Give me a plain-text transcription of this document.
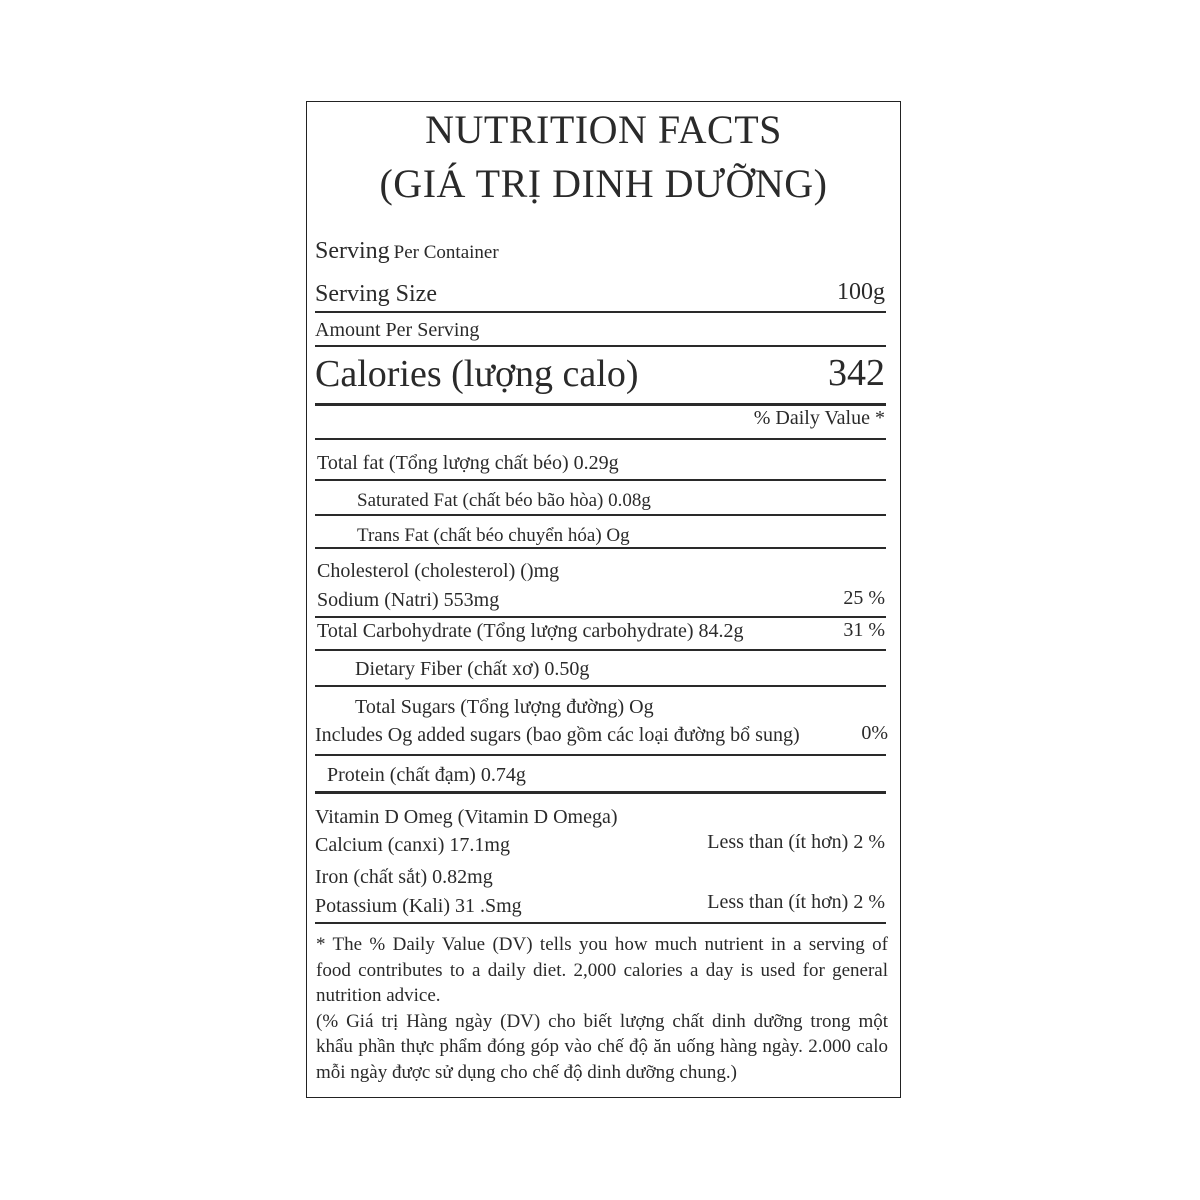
NUTRITION FACTS
(GIÁ TRỊ DINH DƯỠNG)
Serving Per Container
Serving Size	100g
Amount Per Serving
Calories (lượng calo)	342
% Daily Value *
Total fat (Tổng lượng chất béo) 0.29g
Saturated Fat (chất béo bão hòa) 0.08g
Trans Fat (chất béo chuyển hóa) Og
Cholesterol (cholesterol) ()mg
Sodium (Natri) 553mg	25 %
Total Carbohydrate (Tổng lượng carbohydrate) 84.2g	31 %
Dietary Fiber (chất xơ) 0.50g
Total Sugars (Tổng lượng đường) Og
Includes Og added sugars (bao gồm các loại đường bổ sung)	0%
Protein (chất đạm) 0.74g
Vitamin D Omeg (Vitamin D Omega)
Calcium (canxi) 17.1mg	Less than (ít hơn) 2 %
Iron (chất sắt) 0.82mg
Potassium (Kali) 31 .Smg	Less than (ít hơn) 2 %

* The % Daily Value (DV) tells you how much nutrient in a serving of food contributes to a daily diet. 2,000 calories a day is used for general nutrition advice.

(% Giá trị Hàng ngày (DV) cho biết lượng chất dinh dưỡng trong một khẩu phần thực phẩm đóng góp vào chế độ ăn uống hàng ngày. 2.000 calo mỗi ngày được sử dụng cho chế độ dinh dưỡng chung.)
